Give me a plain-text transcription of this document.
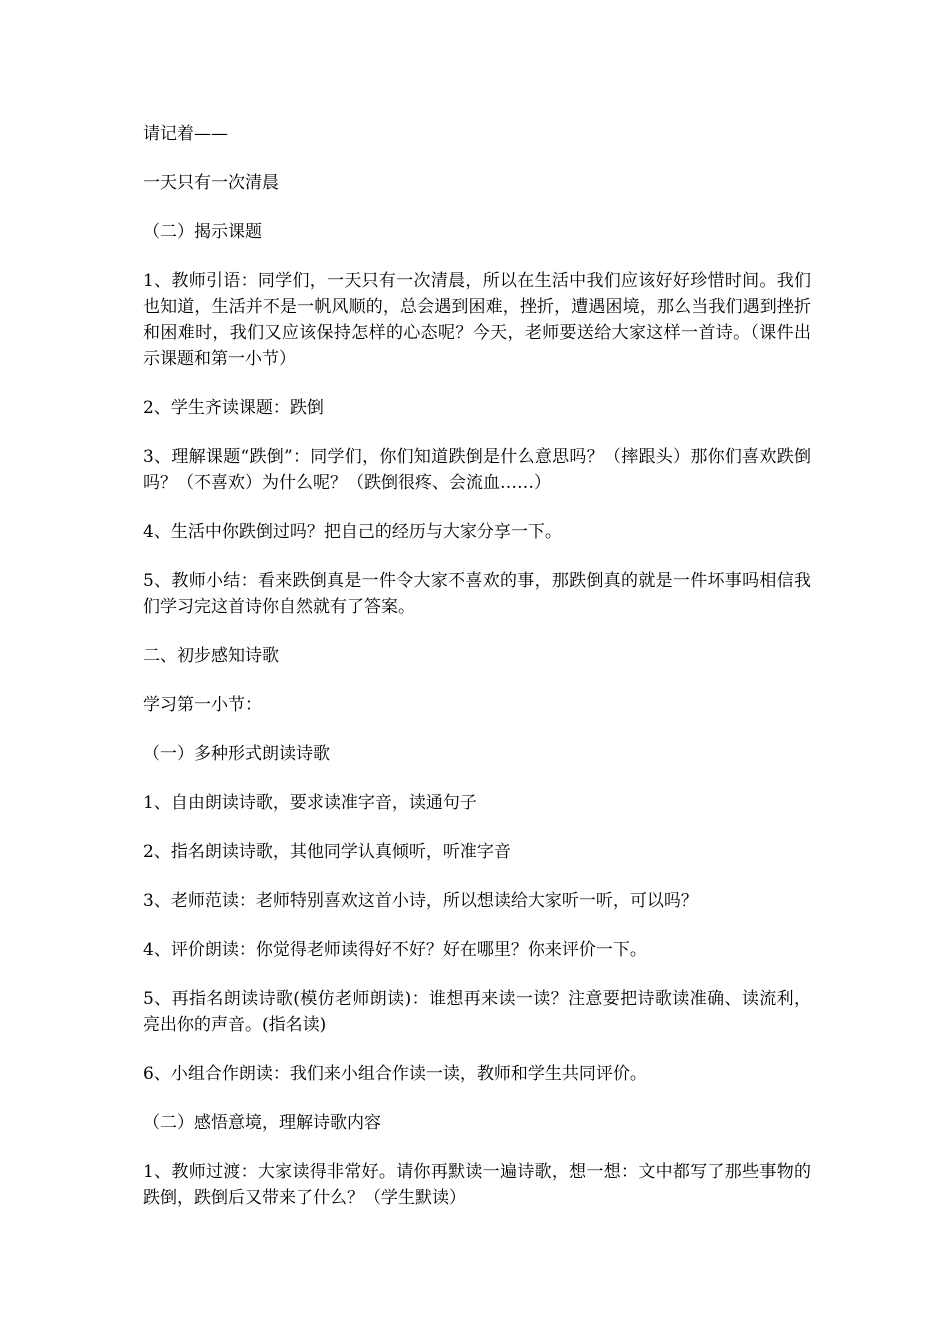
请记着——

一天只有一次清晨

（二）揭示课题

1、教师引语：同学们，一天只有一次清晨，所以在生活中我们应该好好珍惜时间。我们也知道，生活并不是一帆风顺的，总会遇到困难，挫折，遭遇困境，那么当我们遇到挫折和困难时，我们又应该保持怎样的心态呢？今天，老师要送给大家这样一首诗。（课件出示课题和第一小节）

2、学生齐读课题：跌倒

3、理解课题“跌倒”：同学们，你们知道跌倒是什么意思吗？（摔跟头）那你们喜欢跌倒吗？（不喜欢）为什么呢？（跌倒很疼、会流血……）

4、生活中你跌倒过吗？把自己的经历与大家分享一下。

5、教师小结：看来跌倒真是一件令大家不喜欢的事，那跌倒真的就是一件坏事吗相信我们学习完这首诗你自然就有了答案。

二、初步感知诗歌

学习第一小节：

（一）多种形式朗读诗歌

1、自由朗读诗歌，要求读准字音，读通句子

2、指名朗读诗歌，其他同学认真倾听，听准字音

3、老师范读：老师特别喜欢这首小诗，所以想读给大家听一听，可以吗？

4、评价朗读：你觉得老师读得好不好？好在哪里？你来评价一下。

5、再指名朗读诗歌(模仿老师朗读)：谁想再来读一读？注意要把诗歌读准确、读流利，亮出你的声音。(指名读)

6、小组合作朗读：我们来小组合作读一读，教师和学生共同评价。

（二）感悟意境，理解诗歌内容

1、教师过渡：大家读得非常好。请你再默读一遍诗歌，想一想：文中都写了那些事物的跌倒，跌倒后又带来了什么？（学生默读）
